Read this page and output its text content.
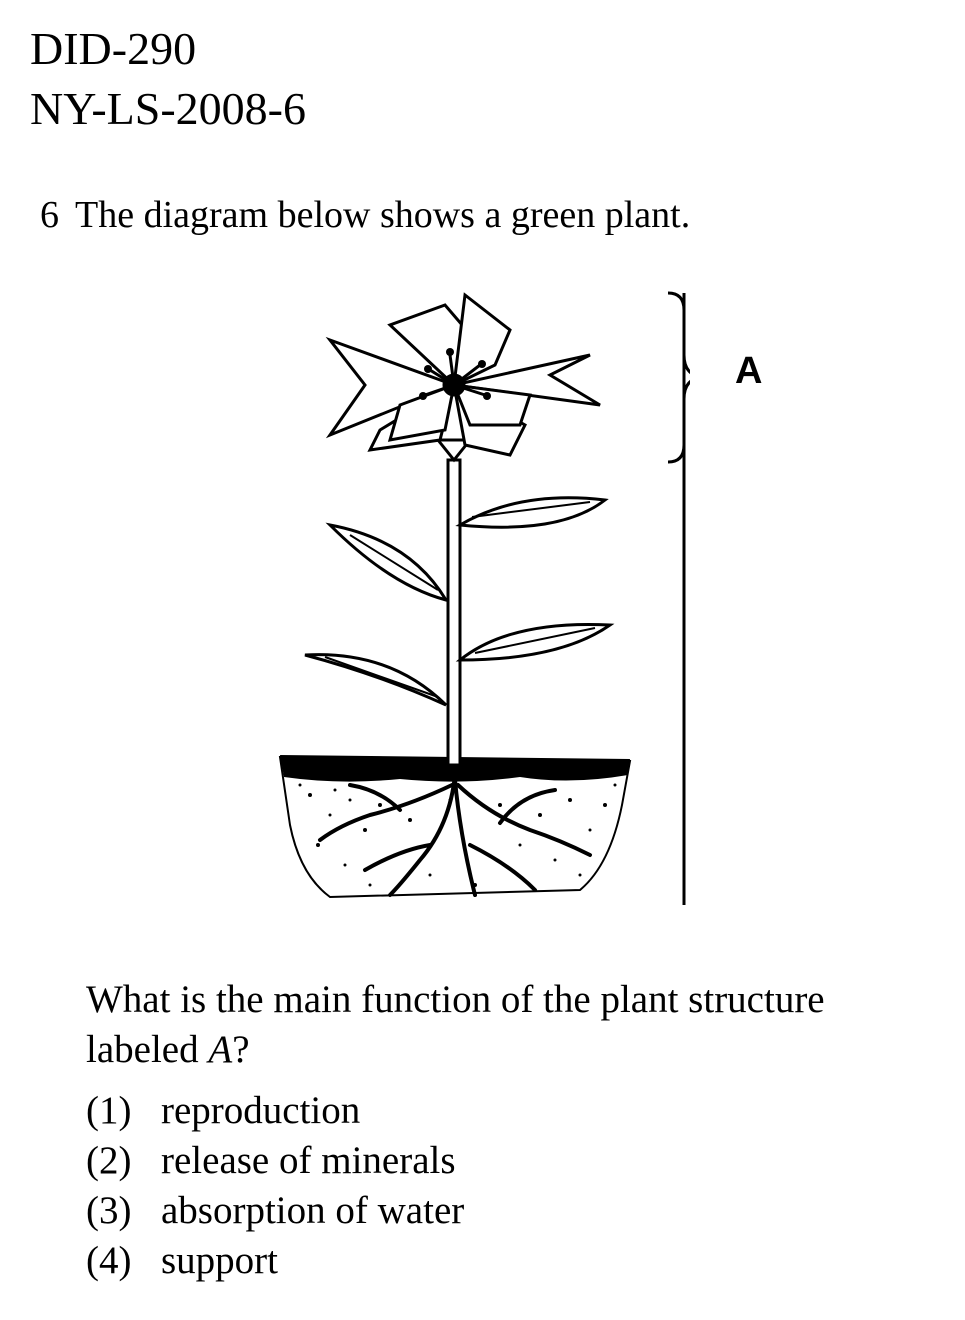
DID-290
NY-LS-2008-6
6 The diagram below shows a green plant.
A
What is the main function of the plant structure labeled A?
(1) reproduction
(2) release of minerals
(3) absorption of water
(4) support
